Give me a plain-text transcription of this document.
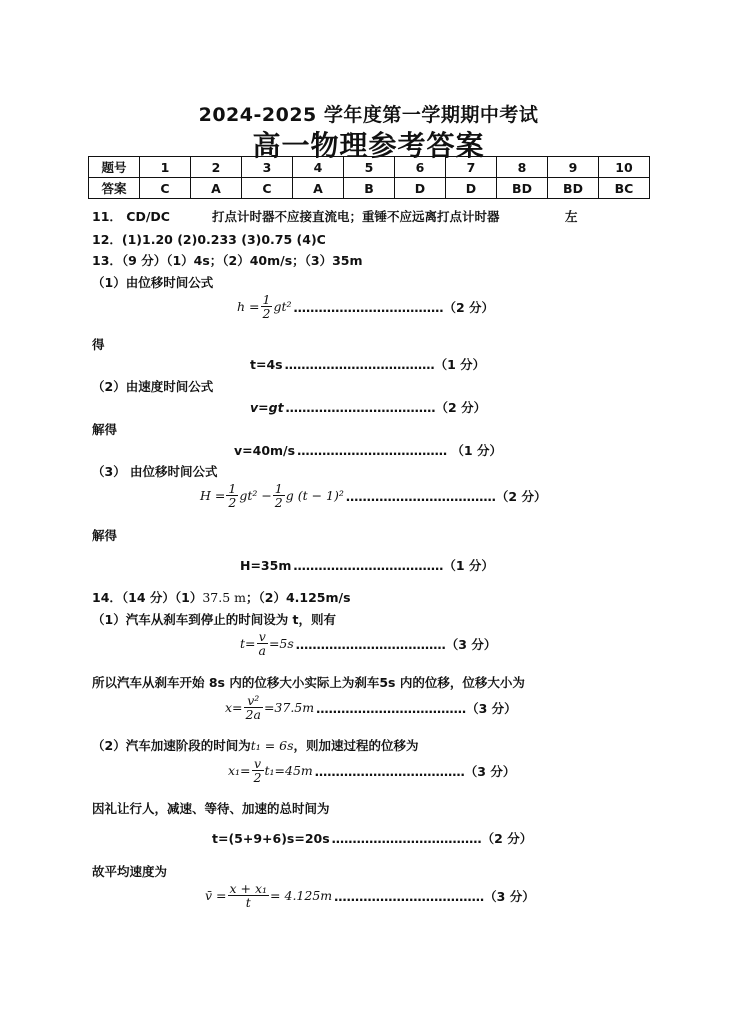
2024-2025 学年度第一学期期中考试
高一物理参考答案
题号	1	2	3	4	5	6	7	8	9	10
答案	C	A	C	A	B	D	D	BD	BD	BC
11． CD/DC	打点计时器不应接直流电；重锤不应远离打点计时器	左
12．(1)1.20 (2)0.233 (3)0.75 (4)C
13．（9 分）（1）4s；（2）40m/s；（3）35m
（1）由位移时间公式
$h = \frac{1}{2} gt^2$ ………………………………（2 分）
得
t=4s ………………………………（1 分）
（2）由速度时间公式
v=gt ………………………………（2 分）
解得
v=40m/s ……………………………… （1 分）
（3） 由位移时间公式
$H = \frac{1}{2} gt^2 - \frac{1}{2}$ g (t − 1)² ………………………………（2 分）
解得
H=35m ………………………………（1 分）
14．（14 分）（1） 37.5 m ；（2）4.125m/s
（1）汽车从刹车到停止的时间设为 t，则有
$t= \frac{v}{a} =5s$ ………………………………（3 分）
所以汽车从刹车开始 8s 内的位移大小实际上为刹车5s 内的位移，位移大小为
$x= \frac{\text{v²}}{2a} =37.5m$ ………………………………（3 分）
（2）汽车加速阶段的时间为 t₁ = 6s ，则加速过程的位移为
$x_1= \frac{v}{2} t_1=45m$ ………………………………（3 分）
因礼让行人，减速、等待、加速的总时间为
t=(5+9+6)s=20s ………………………………（2 分）
故平均速度为
v̄ = $\frac{\text{x + x₁}}{t} = 4.125m$ ………………………………（3 分）
